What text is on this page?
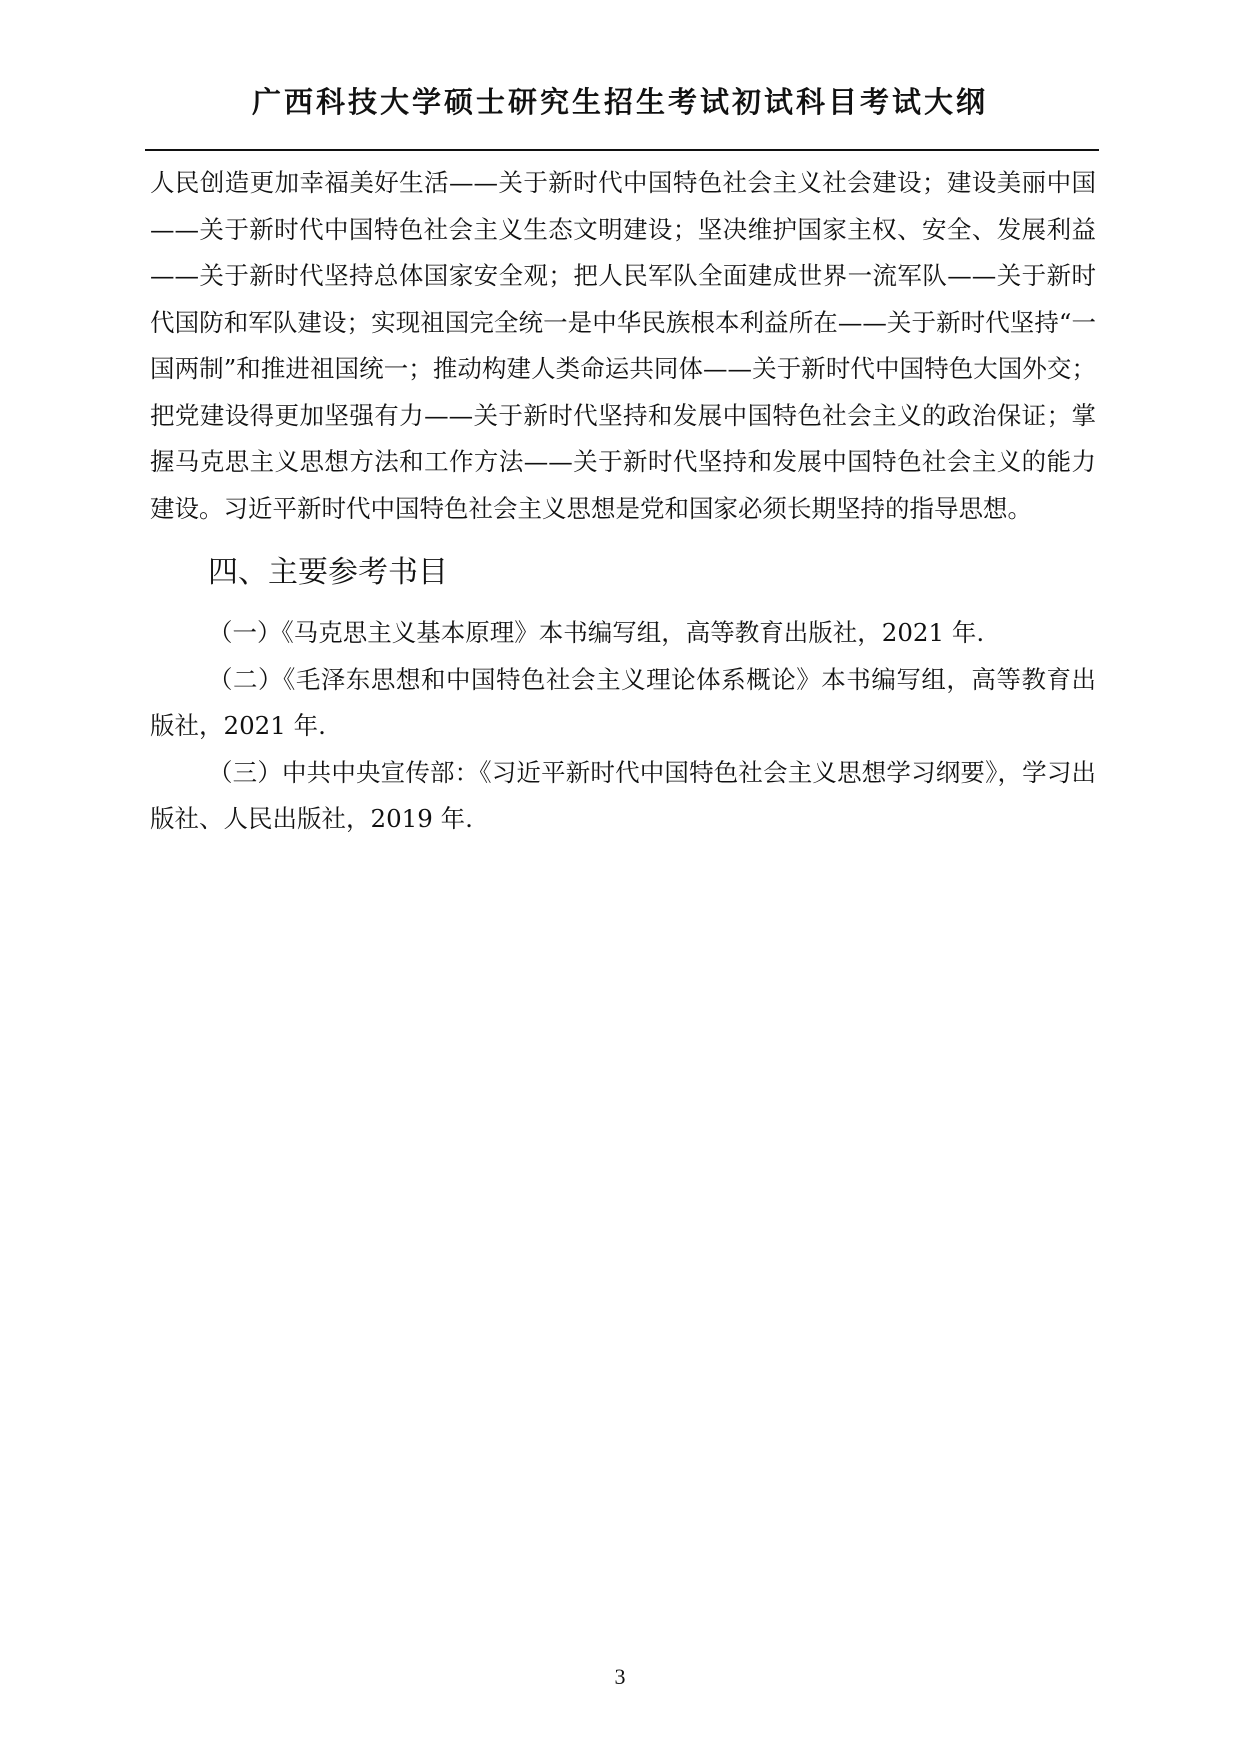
广西科技大学硕士研究生招生考试初试科目考试大纲

人民创造更加幸福美好生活——关于新时代中国特色社会主义社会建设；建设美丽中国——关于新时代中国特色社会主义生态文明建设；坚决维护国家主权、安全、发展利益——关于新时代坚持总体国家安全观；把人民军队全面建成世界一流军队——关于新时代国防和军队建设；实现祖国完全统一是中华民族根本利益所在——关于新时代坚持“一国两制”和推进祖国统一；推动构建人类命运共同体——关于新时代中国特色大国外交；把党建设得更加坚强有力——关于新时代坚持和发展中国特色社会主义的政治保证；掌握马克思主义思想方法和工作方法——关于新时代坚持和发展中国特色社会主义的能力建设。习近平新时代中国特色社会主义思想是党和国家必须长期坚持的指导思想。

四、主要参考书目

（一）《马克思主义基本原理》本书编写组，高等教育出版社，2021 年.

（二）《毛泽东思想和中国特色社会主义理论体系概论》本书编写组，高等教育出版社，2021 年.

（三）中共中央宣传部：《习近平新时代中国特色社会主义思想学习纲要》，学习出版社、人民出版社，2019 年.

3
